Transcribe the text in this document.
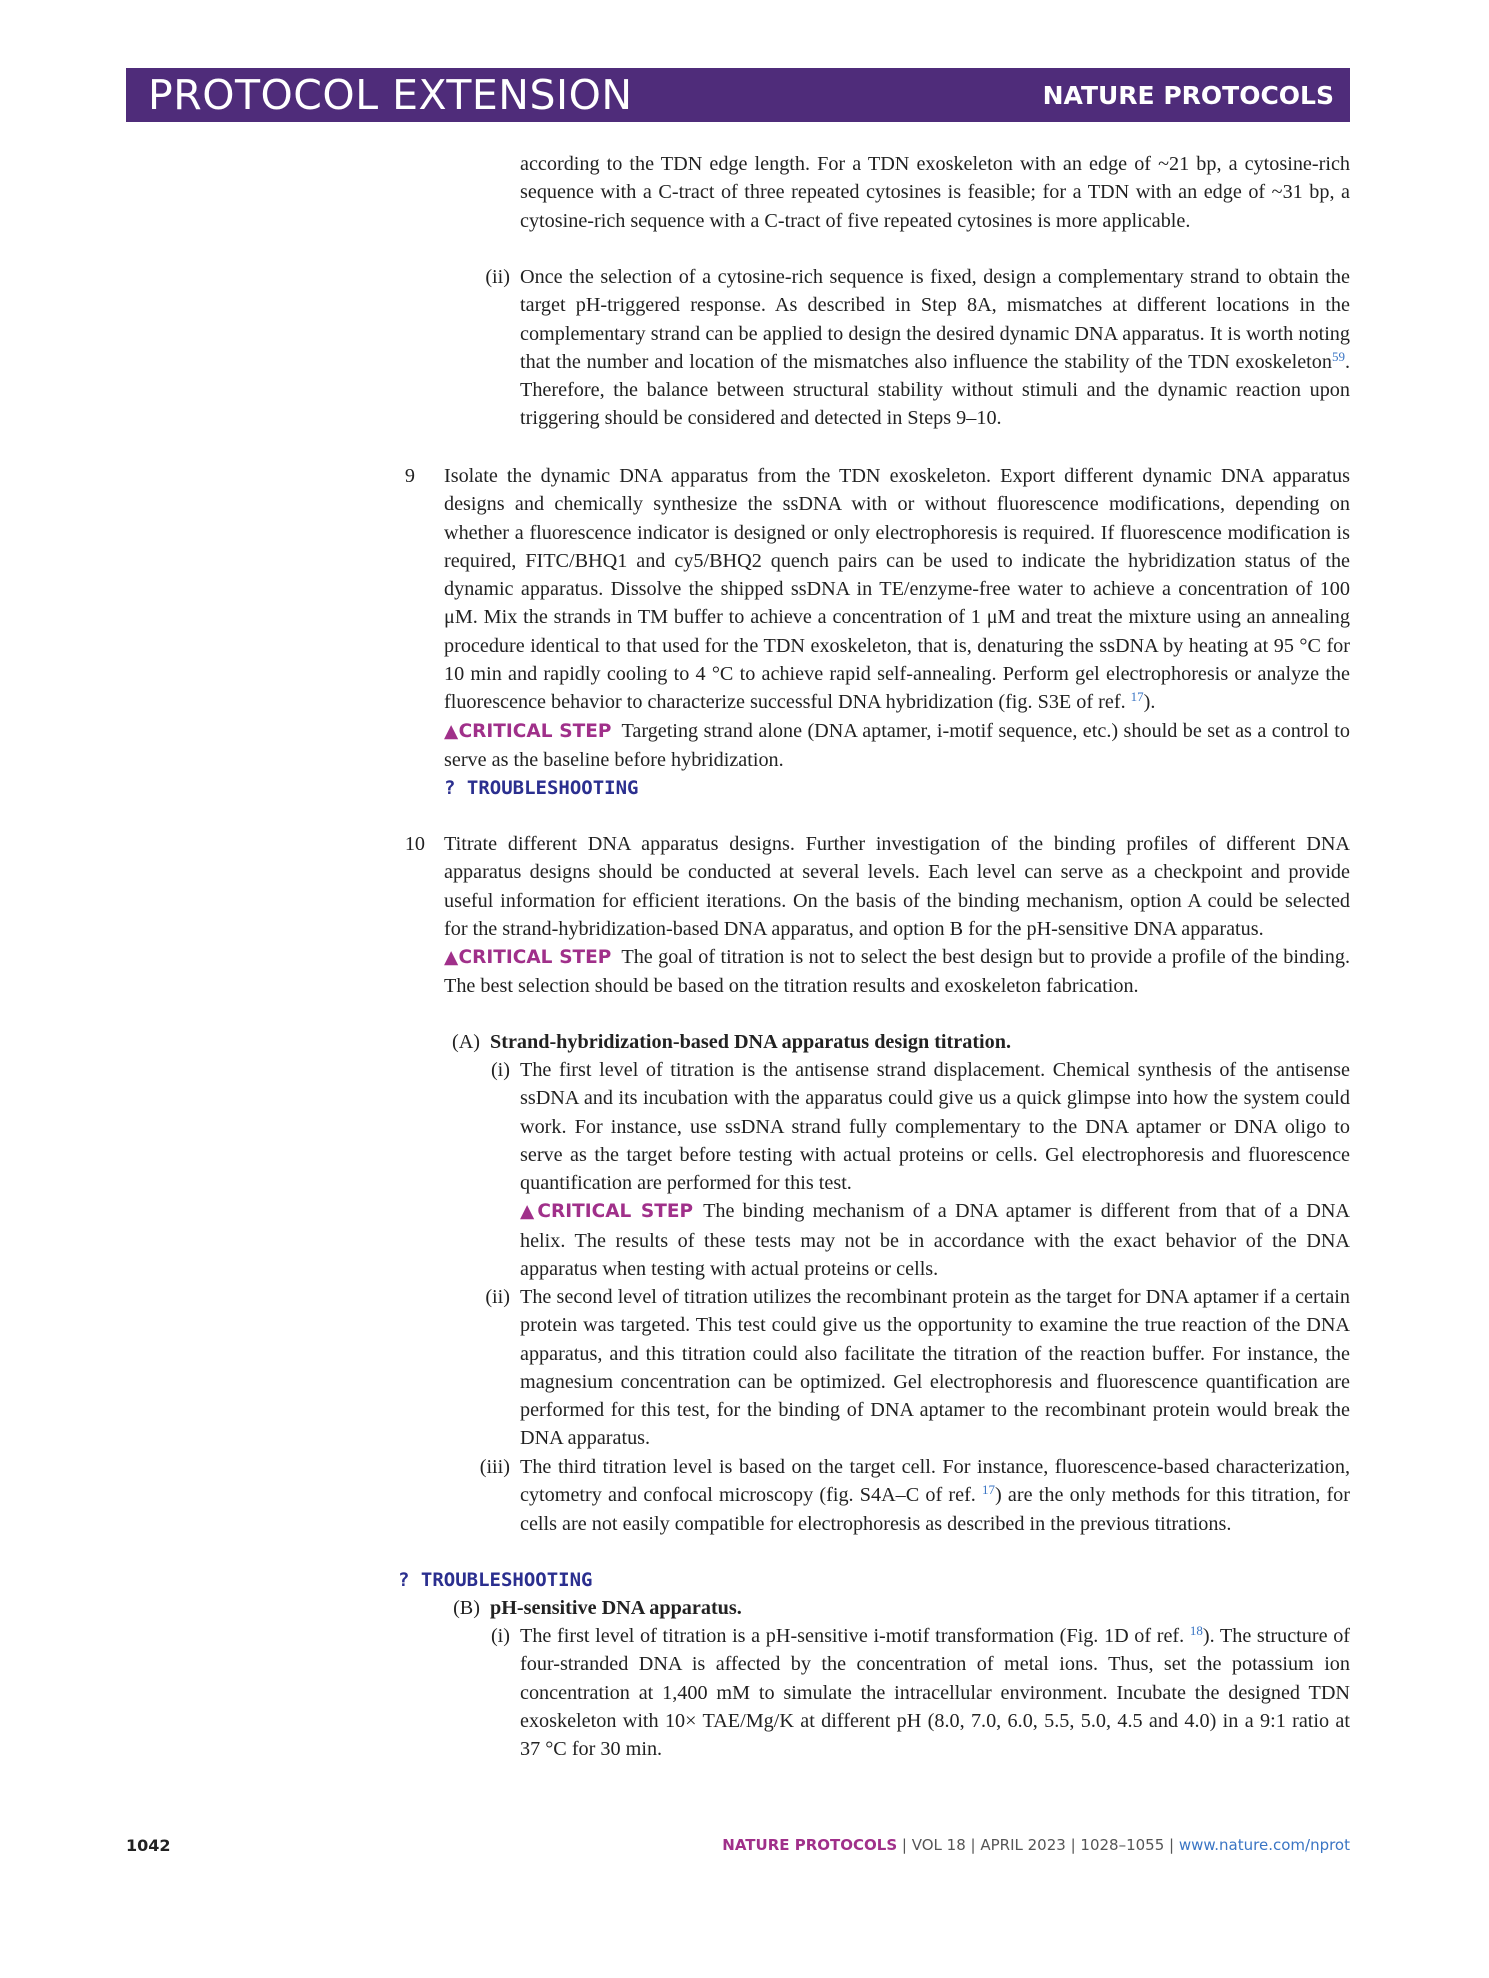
PROTOCOL EXTENSION	NATURE PROTOCOLS

according to the TDN edge length. For a TDN exoskeleton with an edge of ~21 bp, a cytosine-rich sequence with a C-tract of three repeated cytosines is feasible; for a TDN with an edge of ~31 bp, a cytosine-rich sequence with a C-tract of five repeated cytosines is more applicable.

(ii) Once the selection of a cytosine-rich sequence is fixed, design a complementary strand to obtain the target pH-triggered response. As described in Step 8A, mismatches at different locations in the complementary strand can be applied to design the desired dynamic DNA apparatus. It is worth noting that the number and location of the mismatches also influence the stability of the TDN exoskeleton$^{59}$. Therefore, the balance between structural stability without stimuli and the dynamic reaction upon triggering should be considered and detected in Steps 9–10.

9 Isolate the dynamic DNA apparatus from the TDN exoskeleton. Export different dynamic DNA apparatus designs and chemically synthesize the ssDNA with or without fluorescence modifications, depending on whether a fluorescence indicator is designed or only electrophoresis is required. If fluorescence modification is required, FITC/BHQ1 and cy5/BHQ2 quench pairs can be used to indicate the hybridization status of the dynamic apparatus. Dissolve the shipped ssDNA in TE/enzyme-free water to achieve a concentration of 100 μM. Mix the strands in TM buffer to achieve a concentration of 1 μM and treat the mixture using an annealing procedure identical to that used for the TDN exoskeleton, that is, denaturing the ssDNA by heating at 95 °C for 10 min and rapidly cooling to 4 °C to achieve rapid self-annealing. Perform gel electrophoresis or analyze the fluorescence behavior to characterize successful DNA hybridization (fig. S3E of ref. $^{17}$).

▲CRITICAL STEP Targeting strand alone (DNA aptamer, i-motif sequence, etc.) should be set as a control to serve as the baseline before hybridization.

? TROUBLESHOOTING

10 Titrate different DNA apparatus designs. Further investigation of the binding profiles of different DNA apparatus designs should be conducted at several levels. Each level can serve as a checkpoint and provide useful information for efficient iterations. On the basis of the binding mechanism, option A could be selected for the strand-hybridization-based DNA apparatus, and option B for the pH-sensitive DNA apparatus.

▲CRITICAL STEP The goal of titration is not to select the best design but to provide a profile of the binding. The best selection should be based on the titration results and exoskeleton fabrication.

(A) Strand-hybridization-based DNA apparatus design titration.

(i) The first level of titration is the antisense strand displacement. Chemical synthesis of the antisense ssDNA and its incubation with the apparatus could give us a quick glimpse into how the system could work. For instance, use ssDNA strand fully complementary to the DNA aptamer or DNA oligo to serve as the target before testing with actual proteins or cells. Gel electrophoresis and fluorescence quantification are performed for this test.

▲CRITICAL STEP The binding mechanism of a DNA aptamer is different from that of a DNA helix. The results of these tests may not be in accordance with the exact behavior of the DNA apparatus when testing with actual proteins or cells.

(ii) The second level of titration utilizes the recombinant protein as the target for DNA aptamer if a certain protein was targeted. This test could give us the opportunity to examine the true reaction of the DNA apparatus, and this titration could also facilitate the titration of the reaction buffer. For instance, the magnesium concentration can be optimized. Gel electrophoresis and fluorescence quantification are performed for this test, for the binding of DNA aptamer to the recombinant protein would break the DNA apparatus.

(iii) The third titration level is based on the target cell. For instance, fluorescence-based characterization, cytometry and confocal microscopy (fig. S4A–C of ref. $^{17}$) are the only methods for this titration, for cells are not easily compatible for electrophoresis as described in the previous titrations.

? TROUBLESHOOTING

(B) pH-sensitive DNA apparatus.

(i) The first level of titration is a pH-sensitive i-motif transformation (Fig. 1D of ref. $^{18}$). The structure of four-stranded DNA is affected by the concentration of metal ions. Thus, set the potassium ion concentration at 1,400 mM to simulate the intracellular environment. Incubate the designed TDN exoskeleton with 10× TAE/Mg/K at different pH (8.0, 7.0, 6.0, 5.5, 5.0, 4.5 and 4.0) in a 9:1 ratio at 37 °C for 30 min.

1042	NATURE PROTOCOLS | VOL 18 | APRIL 2023 | 1028–1055 | www.nature.com/nprot
